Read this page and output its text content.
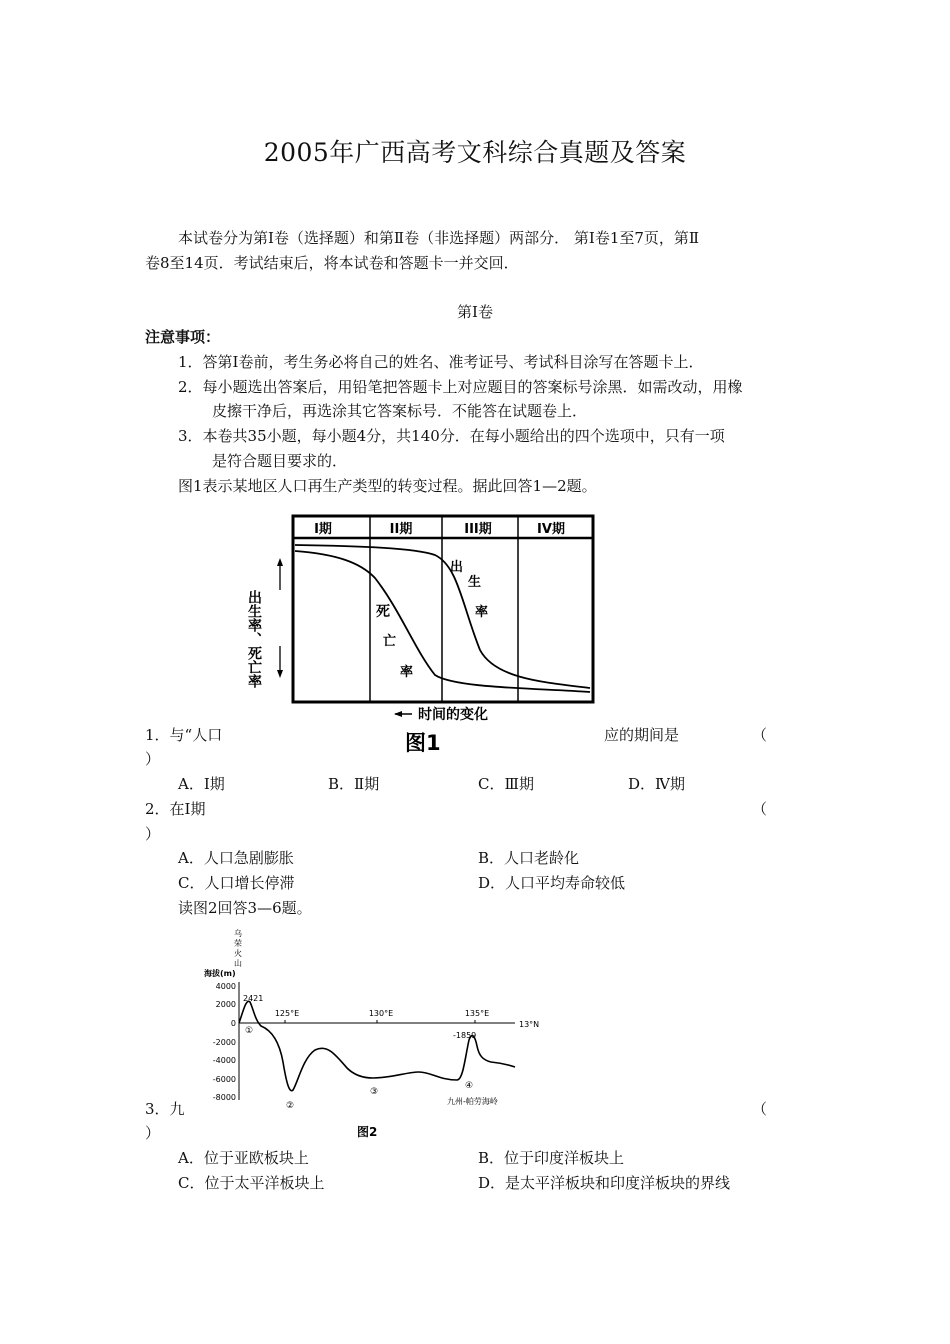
2005年广西高考文科综合真题及答案
本试卷分为第Ⅰ卷（选择题）和第Ⅱ卷（非选择题）两部分． 第Ⅰ卷1至7页，第Ⅱ
卷8至14页．考试结束后，将本试卷和答题卡一并交回．
第Ⅰ卷
注意事项：
1．答第Ⅰ卷前，考生务必将自己的姓名、准考证号、考试科目涂写在答题卡上．
2．每小题选出答案后，用铅笔把答题卡上对应题目的答案标号涂黑．如需改动，用橡
皮擦干净后，再选涂其它答案标号．不能答在试题卷上．
3．本卷共35小题，每小题4分，共140分．在每小题给出的四个选项中，只有一项
是符合题目要求的．
图1表示某地区人口再生产类型的转变过程。据此回答1—2题。
I期	II期	III期	IV期
出
生
率
死
亡
率
出生率
、死亡率
时间的变化
图1
1．与“人口	应的期间是	（
）
A．Ⅰ期	B．Ⅱ期	C．Ⅲ期	D．Ⅳ期
2．在Ⅰ期	（
）
A．人口急剧膨胀	B．人口老龄化
C．人口增长停滞	D．人口平均寿命较低
读图2回答3—6题。
乌
荣
火
山
海拔(m)
4000
2000
0
-2000
-4000
-6000
-8000
125°E	130°E	135°E
13°N
2421
-1859
①
②
③
④
九州-帕劳海岭
图2
3．九	（
）
A．位于亚欧板块上	B．位于印度洋板块上
C．位于太平洋板块上	D．是太平洋板块和印度洋板块的界线
